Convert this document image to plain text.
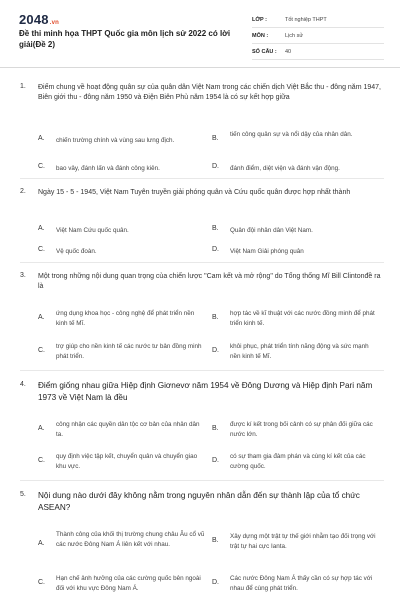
2048.vn
Đề thi minh họa THPT Quốc gia môn lịch sử 2022 có lời giải(Đề 2)
LỚP :	Tốt nghiệp THPT
MÔN :	Lịch sử
SỐ CÂU :	40
1. Điểm chung về hoạt động quân sự của quân dân Việt Nam trong các chiến dịch Việt Bắc thu - đông năm 1947, Biên giới thu - đông năm 1950 và Điện Biên Phủ năm 1954 là có sự kết hợp giữa
A. chiến trường chính và vùng sau lưng địch.	B.
tiến công quân sự và nổi dậy của nhân dân.
C. bao vây, đánh lấn và đánh công kiên.	D. đánh điểm, diệt viện và đánh vận động.
2. Ngày 15 - 5 - 1945, Việt Nam Tuyên truyền giải phóng quân và Cứu quốc quân được hợp nhất thành
A. Việt Nam Cứu quốc quân.	B. Quân đội nhân dân Việt Nam.
C. Vệ quốc đoàn.	D. Việt Nam Giải phóng quân
3. Một trong những nội dung quan trọng của chiến lược "Cam kết và mở rộng" do Tổng thống Mĩ Bill Clintonđề ra là
A.
ứng dụng khoa học - công nghệ để phát triển nền kinh tế Mĩ.
B.
hợp tác về kĩ thuật với các nước đồng minh để phát triển kinh tế.
C.
trợ giúp cho nền kinh tế các nước tư bản đồng minh phát triển.
D.
khôi phục, phát triển tính năng động và sức mạnh nền kinh tế Mĩ.
4. Điểm giống nhau giữa Hiệp định Giơnevơ năm 1954 về Đông Dương và Hiệp định Pari năm 1973 về Việt Nam là đều
A.
công nhận các quyền dân tộc cơ bản của nhân dân ta.
B.
được kí kết trong bối cảnh có sự phân đối giữa các nước lớn.
C.
quy định việc tập kết, chuyển quân và chuyển giao khu vực.
D.
có sự tham gia đàm phán và cùng kí kết của các cường quốc.
5. Nội dung nào dưới đây không nằm trong nguyên nhân dẫn đến sự thành lập của tổ chức ASEAN?
A.
Thành công của khối thị trường chung châu Âu cổ vũ các nước Đông Nam Á liên kết với nhau.	B.
Xây dựng một trật tự thế giới nhằm tạo đối trọng với trật tự hai cực Ianta.
C.
Hạn chế ảnh hưởng của các cường quốc bên ngoài đối với khu vực Đông Nam Á.
D.
Các nước Đông Nam Á thấy cần có sự hợp tác với nhau để cùng phát triển.
